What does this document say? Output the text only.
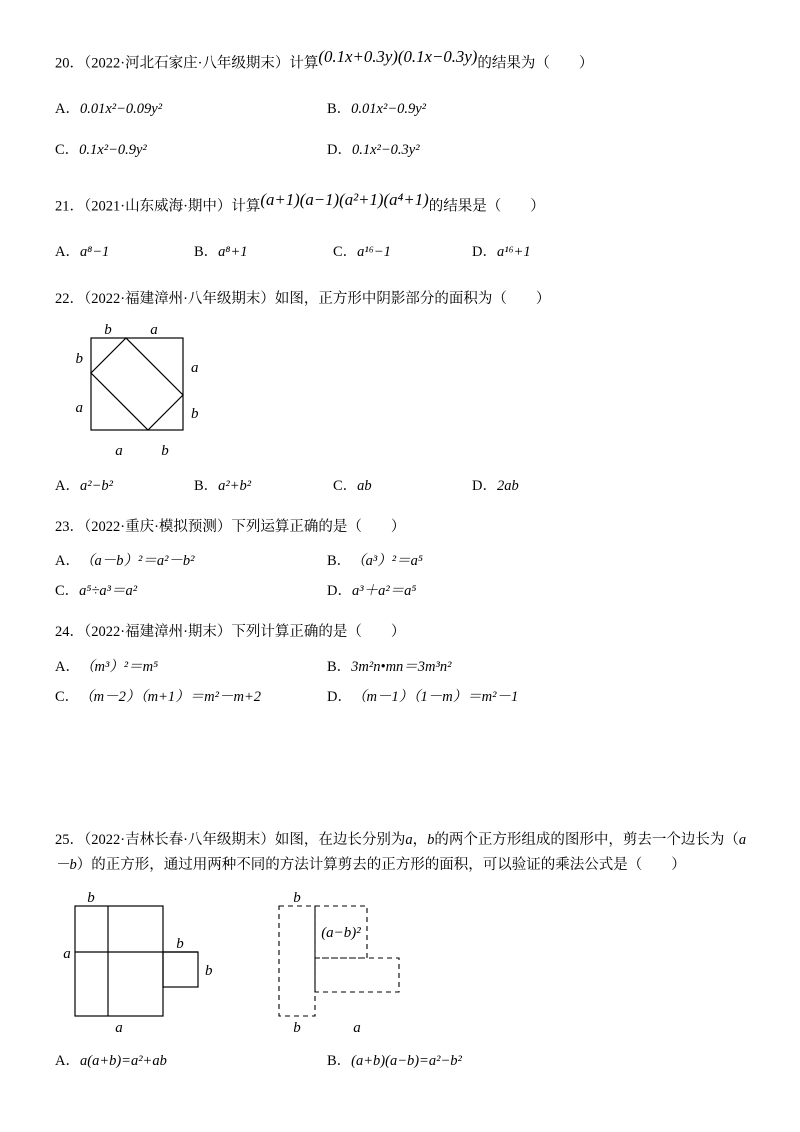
20．（2022·河北石家庄·八年级期末）计算(0.1x+0.3y)(0.1x−0.3y)的结果为（　　）
A． 0.01x²−0.09y²	B． 0.01x²−0.9y²
C． 0.1x²−0.9y²	D． 0.1x²−0.3y²
21．（2021·山东威海·期中）计算(a+1)(a−1)(a²+1)(a⁴+1)的结果是（　　）
A． a⁸−1	B． a⁸+1	C． a¹⁶−1	D． a¹⁶+1
22．（2022·福建漳州·八年级期末）如图，正方形中阴影部分的面积为（　　）
b	a
b
a
a
b
a	b
A． a²−b²	B． a²+b²	C． ab	D． 2ab
23．（2022·重庆·模拟预测）下列运算正确的是（　　）
A． （a－b）²＝a²－b²	B． （a³）²＝a⁵
C． a⁵÷a³＝a²	D． a³＋a²＝a⁵
24．（2022·福建漳州·期末）下列计算正确的是（　　）
A． （m³）²＝m⁵	B． 3m²n•mn＝3m³n²
C． （m－2）（m+1）＝m²－m+2	D． （m－1）（1－m）＝m²－1
25．（2022·吉林长春·八年级期末）如图，在边长分别为a，b的两个正方形组成的图形中，剪去一个边长为（a－b）的正方形，通过用两种不同的方法计算剪去的正方形的面积，可以验证的乘法公式是（　　）
b
a
b
b
a
b
(a−b)²
b	a
A． a(a+b)=a²+ab	B． (a+b)(a−b)=a²−b²
